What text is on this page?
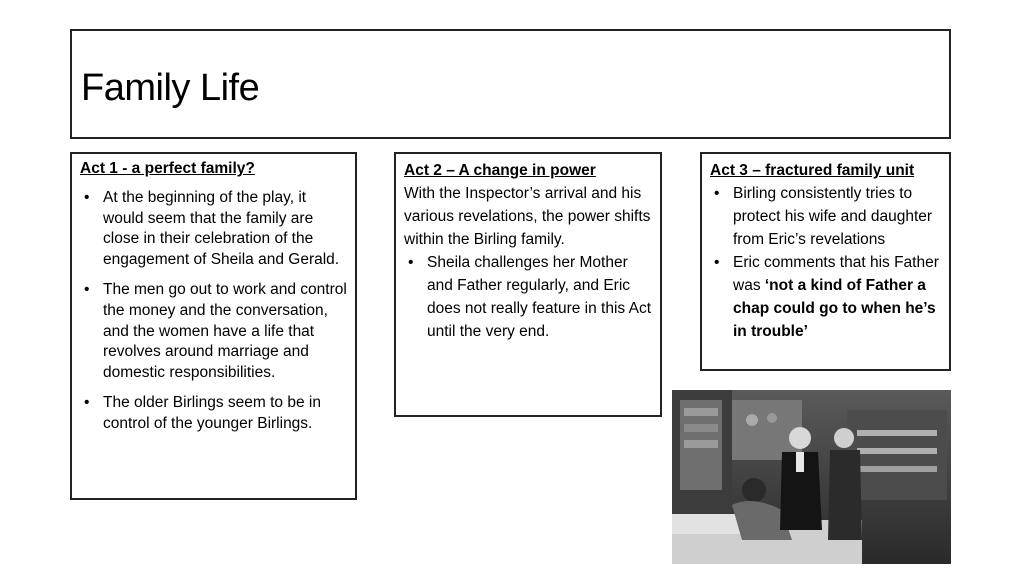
Family Life
Act 1 - a perfect family?
• At the beginning of the play, it would seem that the family are close in their celebration of the engagement of Sheila and Gerald.
• The men go out to work and control the money and the conversation, and the women have a life that revolves around marriage and domestic responsibilities.
• The older Birlings seem to be in control of the younger Birlings.
Act 2 – A change in power
With the Inspector’s arrival and his various revelations, the power shifts within the Birling family.
• Sheila challenges her Mother and Father regularly, and Eric does not really feature in this Act until the very end.
Act 3 – fractured family unit
• Birling consistently tries to protect his wife and daughter from Eric’s revelations
• Eric comments that his Father was ‘not a kind of Father a chap could go to when he’s in trouble’
